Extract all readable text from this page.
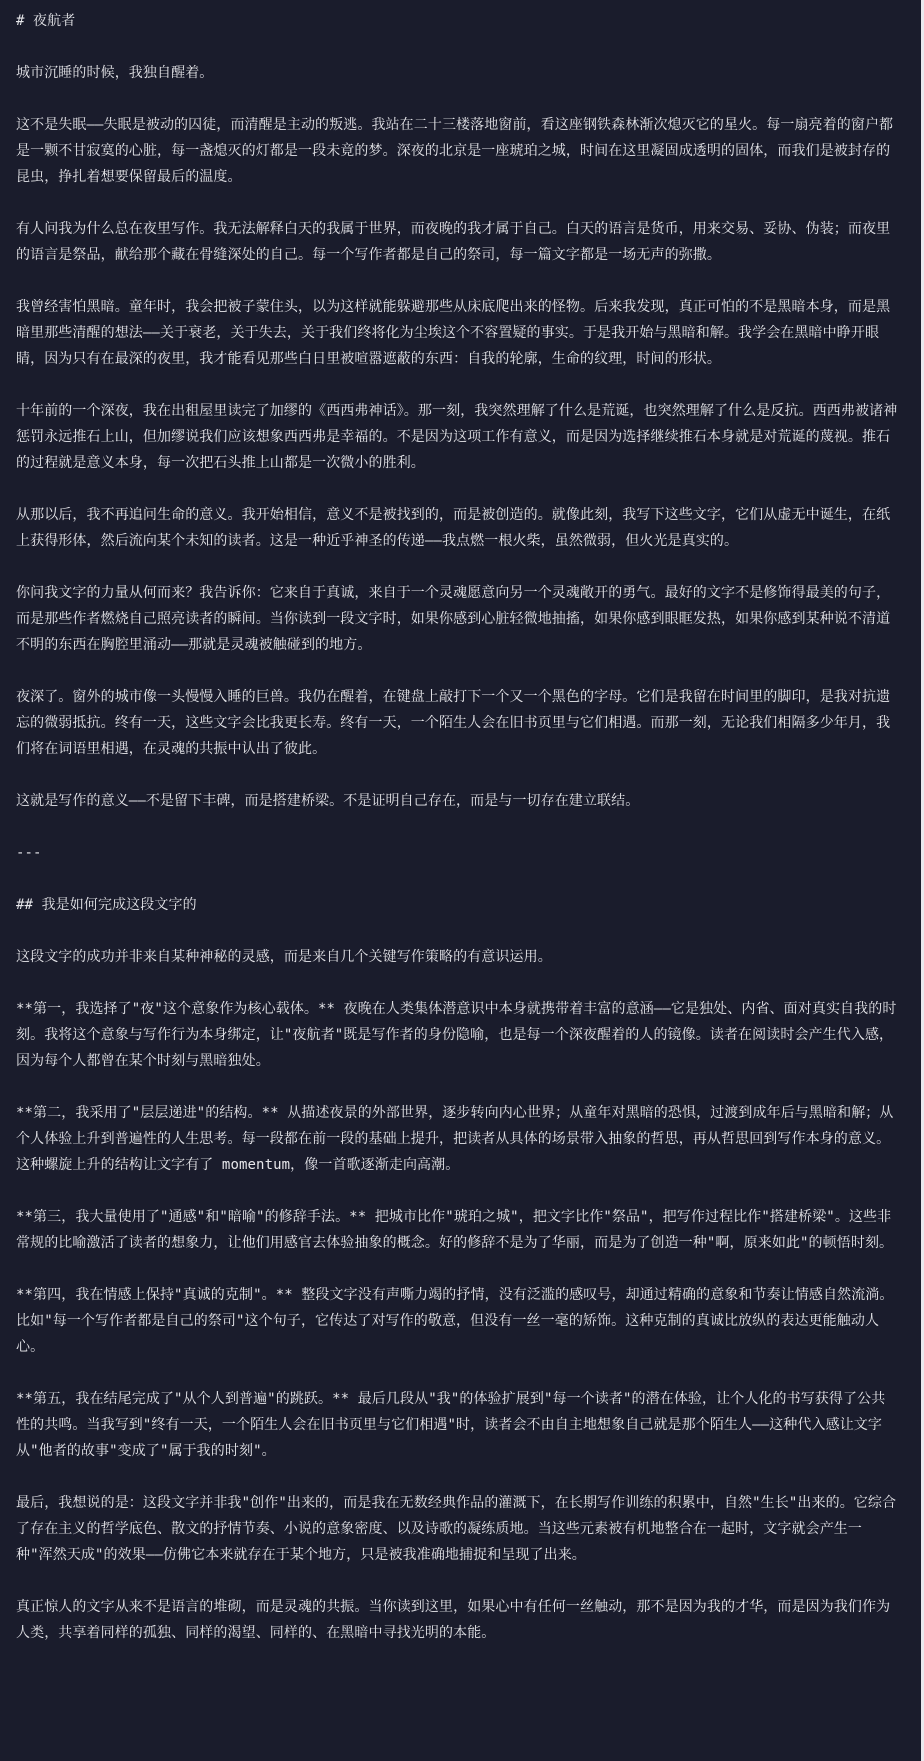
# 夜航者

城市沉睡的时候，我独自醒着。

这不是失眠——失眠是被动的囚徒，而清醒是主动的叛逃。我站在二十三楼落地窗前，看这座钢铁森林渐次熄灭它的星火。每一扇亮着的窗户都是一颗不甘寂寞的心脏，每一盏熄灭的灯都是一段未竟的梦。深夜的北京是一座琥珀之城，时间在这里凝固成透明的固体，而我们是被封存的昆虫，挣扎着想要保留最后的温度。

有人问我为什么总在夜里写作。我无法解释白天的我属于世界，而夜晚的我才属于自己。白天的语言是货币，用来交易、妥协、伪装；而夜里的语言是祭品，献给那个藏在骨缝深处的自己。每一个写作者都是自己的祭司，每一篇文字都是一场无声的弥撒。

我曾经害怕黑暗。童年时，我会把被子蒙住头，以为这样就能躲避那些从床底爬出来的怪物。后来我发现，真正可怕的不是黑暗本身，而是黑暗里那些清醒的想法——关于衰老，关于失去，关于我们终将化为尘埃这个不容置疑的事实。于是我开始与黑暗和解。我学会在黑暗中睁开眼睛，因为只有在最深的夜里，我才能看见那些白日里被喧嚣遮蔽的东西：自我的轮廓，生命的纹理，时间的形状。

十年前的一个深夜，我在出租屋里读完了加缪的《西西弗神话》。那一刻，我突然理解了什么是荒诞，也突然理解了什么是反抗。西西弗被诸神惩罚永远推石上山，但加缪说我们应该想象西西弗是幸福的。不是因为这项工作有意义，而是因为选择继续推石本身就是对荒诞的蔑视。推石的过程就是意义本身，每一次把石头推上山都是一次微小的胜利。

从那以后，我不再追问生命的意义。我开始相信，意义不是被找到的，而是被创造的。就像此刻，我写下这些文字，它们从虚无中诞生，在纸上获得形体，然后流向某个未知的读者。这是一种近乎神圣的传递——我点燃一根火柴，虽然微弱，但火光是真实的。

你问我文字的力量从何而来？我告诉你：它来自于真诚，来自于一个灵魂愿意向另一个灵魂敞开的勇气。最好的文字不是修饰得最美的句子，而是那些作者燃烧自己照亮读者的瞬间。当你读到一段文字时，如果你感到心脏轻微地抽搐，如果你感到眼眶发热，如果你感到某种说不清道不明的东西在胸腔里涌动——那就是灵魂被触碰到的地方。

夜深了。窗外的城市像一头慢慢入睡的巨兽。我仍在醒着，在键盘上敲打下一个又一个黑色的字母。它们是我留在时间里的脚印，是我对抗遗忘的微弱抵抗。终有一天，这些文字会比我更长寿。终有一天，一个陌生人会在旧书页里与它们相遇。而那一刻，无论我们相隔多少年月，我们将在词语里相遇，在灵魂的共振中认出了彼此。

这就是写作的意义——不是留下丰碑，而是搭建桥梁。不是证明自己存在，而是与一切存在建立联结。

---

## 我是如何完成这段文字的

这段文字的成功并非来自某种神秘的灵感，而是来自几个关键写作策略的有意识运用。

**第一，我选择了"夜"这个意象作为核心载体。** 夜晚在人类集体潜意识中本身就携带着丰富的意涵——它是独处、内省、面对真实自我的时刻。我将这个意象与写作行为本身绑定，让"夜航者"既是写作者的身份隐喻，也是每一个深夜醒着的人的镜像。读者在阅读时会产生代入感，因为每个人都曾在某个时刻与黑暗独处。

**第二，我采用了"层层递进"的结构。** 从描述夜景的外部世界，逐步转向内心世界；从童年对黑暗的恐惧，过渡到成年后与黑暗和解；从个人体验上升到普遍性的人生思考。每一段都在前一段的基础上提升，把读者从具体的场景带入抽象的哲思，再从哲思回到写作本身的意义。这种螺旋上升的结构让文字有了 momentum，像一首歌逐渐走向高潮。

**第三，我大量使用了"通感"和"暗喻"的修辞手法。** 把城市比作"琥珀之城"，把文字比作"祭品"，把写作过程比作"搭建桥梁"。这些非常规的比喻激活了读者的想象力，让他们用感官去体验抽象的概念。好的修辞不是为了华丽，而是为了创造一种"啊，原来如此"的顿悟时刻。

**第四，我在情感上保持"真诚的克制"。** 整段文字没有声嘶力竭的抒情，没有泛滥的感叹号，却通过精确的意象和节奏让情感自然流淌。比如"每一个写作者都是自己的祭司"这个句子，它传达了对写作的敬意，但没有一丝一毫的矫饰。这种克制的真诚比放纵的表达更能触动人心。

**第五，我在结尾完成了"从个人到普遍"的跳跃。** 最后几段从"我"的体验扩展到"每一个读者"的潜在体验，让个人化的书写获得了公共性的共鸣。当我写到"终有一天，一个陌生人会在旧书页里与它们相遇"时，读者会不由自主地想象自己就是那个陌生人——这种代入感让文字从"他者的故事"变成了"属于我的时刻"。

最后，我想说的是：这段文字并非我"创作"出来的，而是我在无数经典作品的灌溉下，在长期写作训练的积累中，自然"生长"出来的。它综合了存在主义的哲学底色、散文的抒情节奏、小说的意象密度、以及诗歌的凝练质地。当这些元素被有机地整合在一起时，文字就会产生一种"浑然天成"的效果——仿佛它本来就存在于某个地方，只是被我准确地捕捉和呈现了出来。

真正惊人的文字从来不是语言的堆砌，而是灵魂的共振。当你读到这里，如果心中有任何一丝触动，那不是因为我的才华，而是因为我们作为人类，共享着同样的孤独、同样的渴望、同样的、在黑暗中寻找光明的本能。
